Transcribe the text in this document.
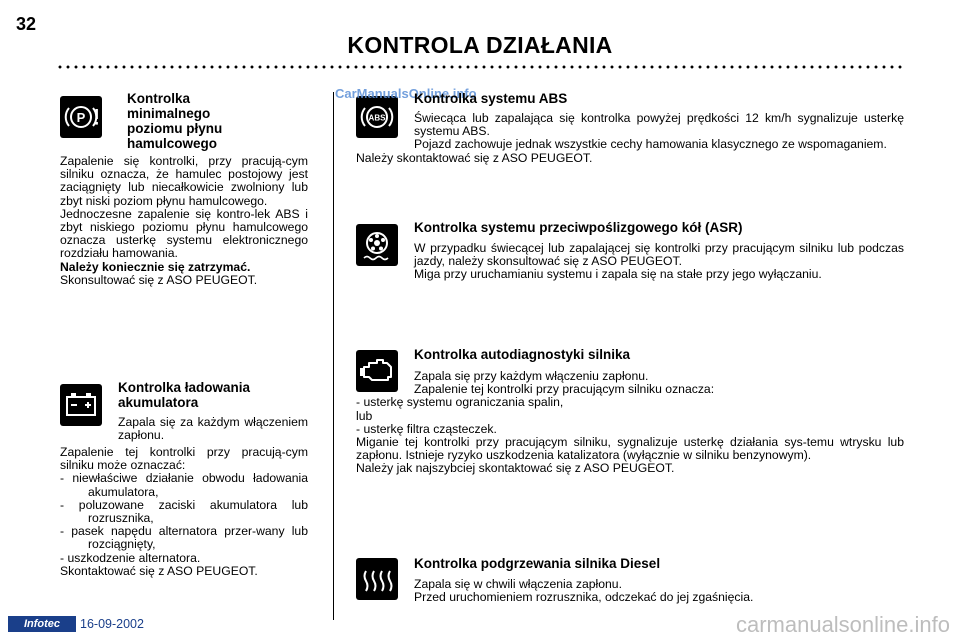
32
KONTROLA DZIAŁANIA
P

Kontrolka

minimalnego

poziomu płynu

hamulcowego

Zapalenie się kontrolki, przy pracują-cym silniku oznacza, że hamulec postojowy jest zaciągnięty lub niecałkowicie zwolniony lub zbyt niski poziom płynu hamulcowego.

Jednoczesne zapalenie się kontro-lek ABS i zbyt niskiego poziomu płynu hamulcowego oznacza usterkę systemu elektronicznego rozdziału hamowania.

Należy koniecznie się zatrzymać.

Skonsultować się z ASO PEUGEOT.

Kontrolka ładowania

akumulatora

Zapala się za każdym włączeniem zapłonu.

Zapalenie tej kontrolki przy pracują-cym silniku może oznaczać:

- niewłaściwe działanie obwodu ładowania akumulatora,

- poluzowane zaciski akumulatora lub rozrusznika,

- pasek napędu alternatora przer-wany lub rozciągnięty,

- uszkodzenie alternatora.

Skontaktować się z ASO PEUGEOT.

ABS
CarManualsOnline.info
Kontrolka systemu ABS

Świecąca lub zapalająca się kontrolka powyżej prędkości 12 km/h sygnalizuje usterkę systemu ABS.

Pojazd zachowuje jednak wszystkie cechy hamowania klasycznego ze wspomaganiem.

Należy skontaktować się z ASO PEUGEOT.

Kontrolka systemu przeciwpoślizgowego kół (ASR)

W przypadku świecącej lub zapalającej się kontrolki przy pracującym silniku lub podczas jazdy, należy skonsultować się z ASO PEUGEOT.

Miga przy uruchamianiu systemu i zapala się na stałe przy jego wyłączaniu.

Kontrolka autodiagnostyki silnika

Zapala się przy każdym włączeniu zapłonu.

Zapalenie tej kontrolki przy pracującym silniku oznacza:

- usterkę systemu ograniczania spalin,

lub

- usterkę filtra cząsteczek.

Miganie tej kontrolki przy pracującym silniku, sygnalizuje usterkę działania sys-temu wtrysku lub zapłonu. Istnieje ryzyko uszkodzenia katalizatora (wyłącznie w silniku benzynowym).

Należy jak najszybciej skontaktować się z ASO PEUGEOT.

Kontrolka podgrzewania silnika Diesel

Zapala się w chwili włączenia zapłonu.

Przed uruchomieniem rozrusznika, odczekać do jej zgaśnięcia.

Infotec	16-09-2002	carmanualsonline.info
